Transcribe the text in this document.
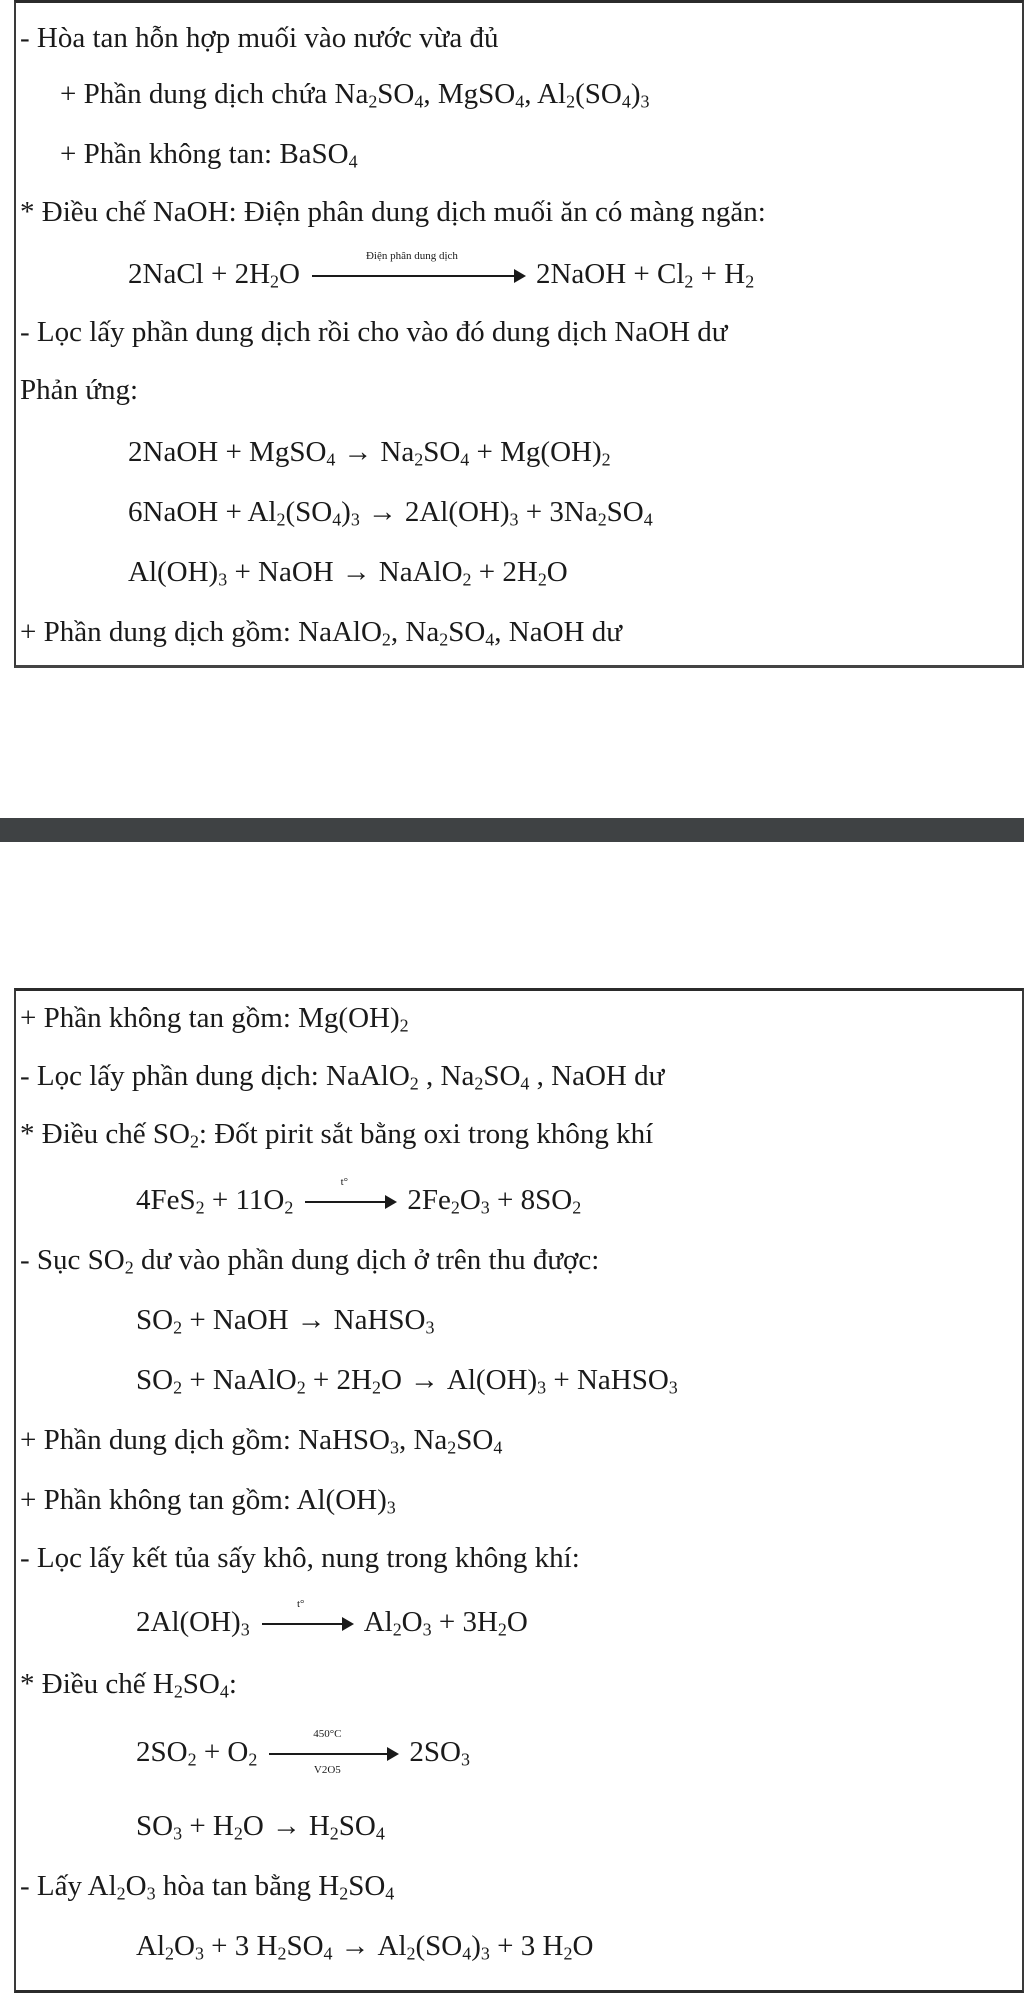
- Hòa tan hỗn hợp muối vào nước vừa đủ
+ Phần dung dịch chứa $Na_2SO_4$, MgSO$_4$, $Al_2(SO_4)_3$
+ Phần không tan: BaSO$_4$
* Điều chế NaOH: Điện phân dung dịch muối ăn có màng ngăn:
2NaCl + $2H_2O$
Điện phân dung dịch
2NaOH + $Cl_2 + H_2$
- Lọc lấy phần dung dịch rồi cho vào đó dung dịch NaOH dư
Phản ứng:
2NaOH + MgSO$_4$ → $Na_2SO_4 + Mg(OH)_2$
6NaOH + $Al_2(SO_4)_3 \to 2Al(OH)_3 + 3Na_2SO_4$
$Al(OH)_3$ + NaOH → NaAlO$_2$ + $2H_2O$
+ Phần dung dịch gồm: NaAlO$_2$, $Na_2SO_4$, NaOH dư
+ Phần không tan gồm: $Mg(OH)_2$
- Lọc lấy phần dung dịch: NaAlO$_2$ , $Na_2SO_4$ , NaOH dư
* Điều chế $SO_2$: Đốt pirit sắt bằng oxi trong không khí
$4FeS_2 + 11O_2$
t°
$2Fe_2O_3 + 8SO_2$
- Sục $SO_2$ dư vào phần dung dịch ở trên thu được:
$SO_2$ + NaOH → NaHSO$_3$
$SO_2$ + NaAlO$_2$ + $2H_2O \to Al(OH)_3$ + NaHSO$_3$
+ Phần dung dịch gồm: NaHSO$_3$, $Na_2SO_4$
+ Phần không tan gồm: $Al(OH)_3$
- Lọc lấy kết tủa sấy khô, nung trong không khí:
$2Al(OH)_3$
t°
$Al_2O_3 + 3H_2O$
* Điều chế $H_2SO_4$:
$2SO_2 + O_2 \frac{450^\circ C}{V2O5} 2SO_3$
$SO_3 + H_2O \to H_2SO_4$
- Lấy $Al_2O_3$ hòa tan bằng $H_2SO_4$
$Al_2O_3 + 3$ $H_2SO_4 \to Al_2(SO_4)_3 + 3$ $H_2O$
